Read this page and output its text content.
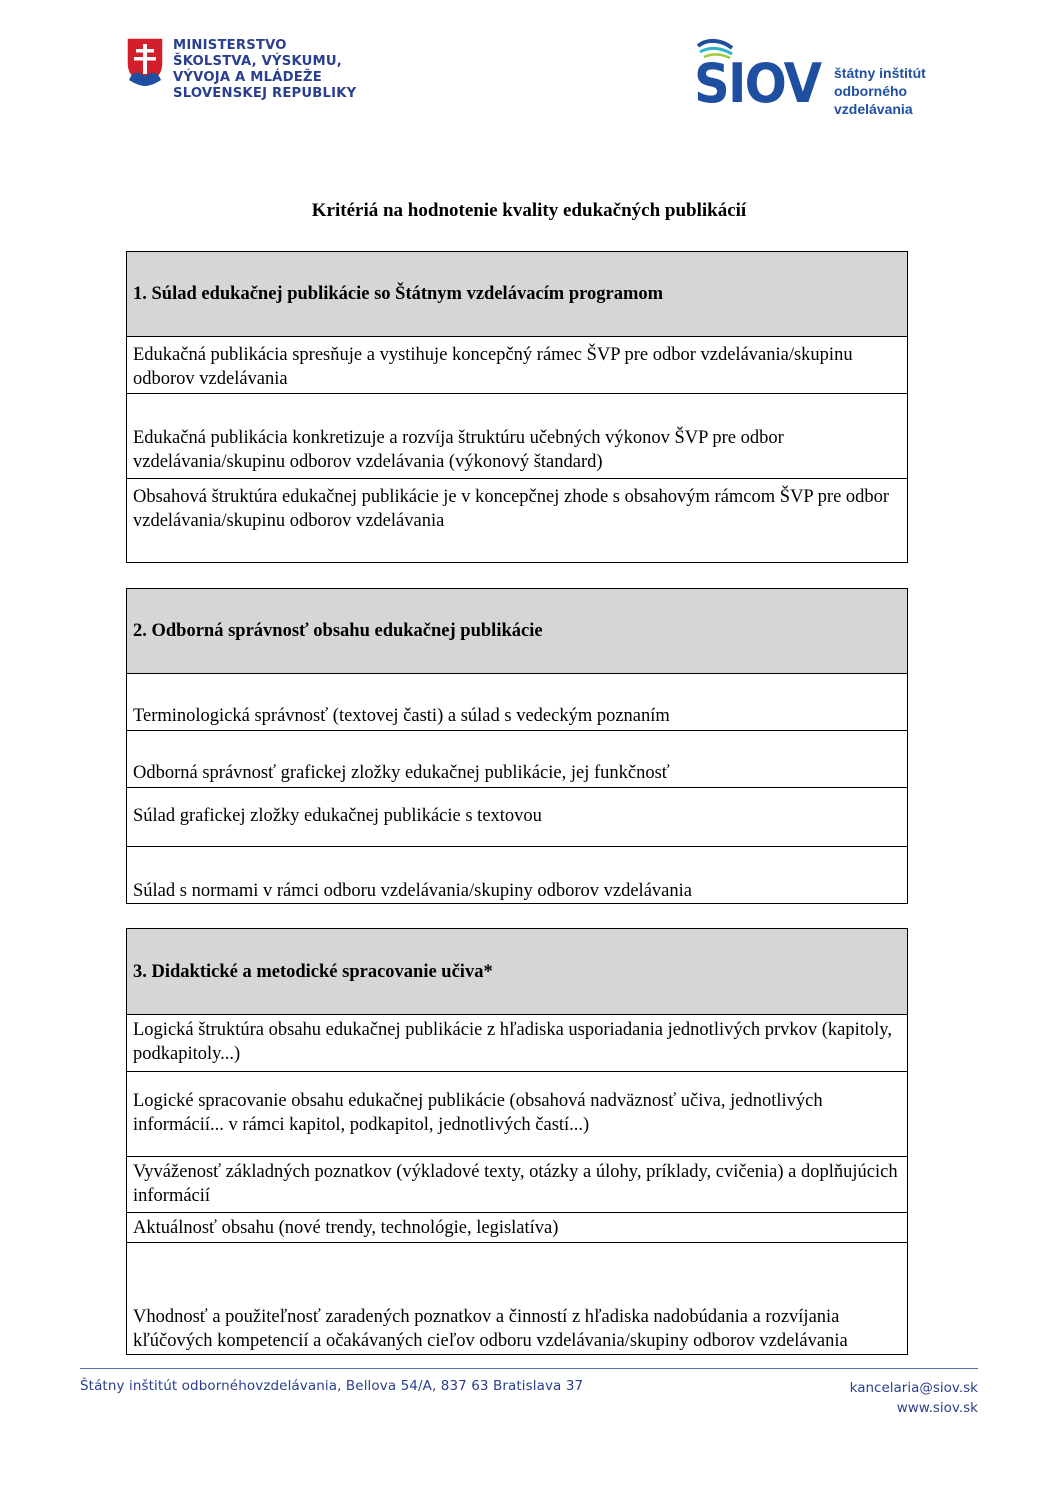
MINISTERSTVO
ŠKOLSTVA, VÝSKUMU,
VÝVOJA A MLÁDEŽE
SLOVENSKEJ REPUBLIKY	SIOV štátny inštitút
odborného
vzdelávania
Kritériá na hodnotenie kvality edukačných publikácií
1. Súlad edukačnej publikácie so Štátnym vzdelávacím programom
Edukačná publikácia spresňuje a vystihuje koncepčný rámec ŠVP pre odbor vzdelávania/skupinu odborov vzdelávania
Edukačná publikácia konkretizuje a rozvíja štruktúru učebných výkonov ŠVP pre odbor vzdelávania/skupinu odborov vzdelávania (výkonový štandard)
Obsahová štruktúra edukačnej publikácie je v koncepčnej zhode s obsahovým rámcom ŠVP pre odbor vzdelávania/skupinu odborov vzdelávania
2. Odborná správnosť obsahu edukačnej publikácie
Terminologická správnosť (textovej časti) a súlad s vedeckým poznaním
Odborná správnosť grafickej zložky edukačnej publikácie, jej funkčnosť
Súlad grafickej zložky edukačnej publikácie s textovou
Súlad s normami v rámci odboru vzdelávania/skupiny odborov vzdelávania
3. Didaktické a metodické spracovanie učiva*
Logická štruktúra obsahu edukačnej publikácie z hľadiska usporiadania jednotlivých prvkov (kapitoly, podkapitoly...)
Logické spracovanie obsahu edukačnej publikácie (obsahová nadväznosť učiva, jednotlivých informácií... v rámci kapitol, podkapitol, jednotlivých častí...)
Vyváženosť základných poznatkov (výkladové texty, otázky a úlohy, príklady, cvičenia) a doplňujúcich informácií
Aktuálnosť obsahu (nové trendy, technológie, legislatíva)
Vhodnosť a použiteľnosť zaradených poznatkov a činností z hľadiska nadobúdania a rozvíjania kľúčových kompetencií a očakávaných cieľov odboru vzdelávania/skupiny odborov vzdelávania
Štátny inštitút odbornéhovzdelávania, Bellova 54/A, 837 63 Bratislava 37	kancelaria@siov.sk
www.siov.sk
